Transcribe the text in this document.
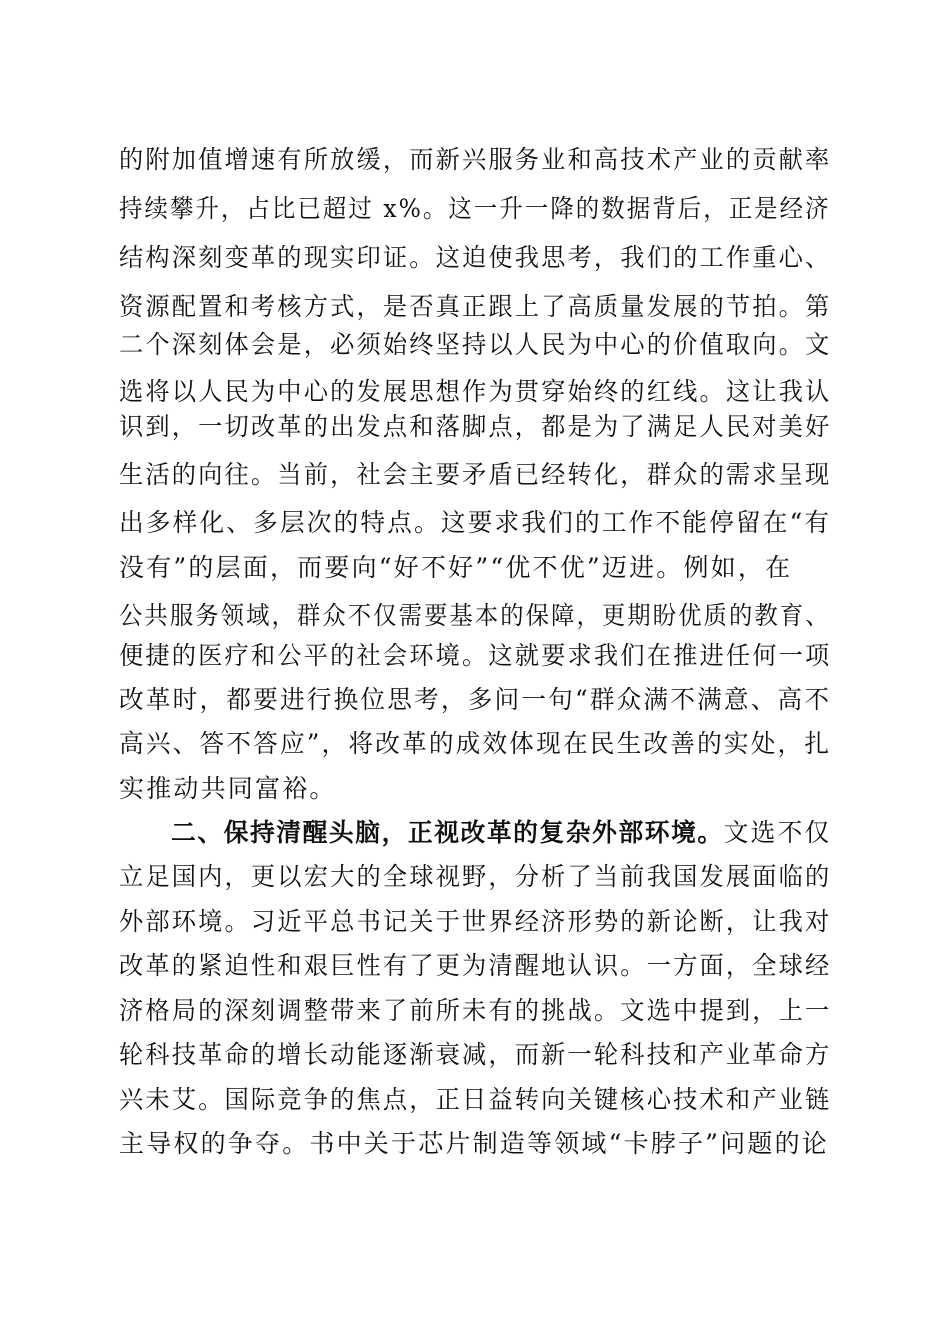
的附加值增速有所放缓，而新兴服务业和高技术产业的贡献率
持续攀升，占比已超过 x%。这一升一降的数据背后，正是经济
结构深刻变革的现实印证。这迫使我思考，我们的工作重心、
资源配置和考核方式，是否真正跟上了高质量发展的节拍。第
二个深刻体会是，必须始终坚持以人民为中心的价值取向。文
选将以人民为中心的发展思想作为贯穿始终的红线。这让我认
识到，一切改革的出发点和落脚点，都是为了满足人民对美好
生活的向往。当前，社会主要矛盾已经转化，群众的需求呈现
出多样化、多层次的特点。这要求我们的工作不能停留在“有
没有”的层面，而要向“好不好”“优不优”迈进。例如，在
公共服务领域，群众不仅需要基本的保障，更期盼优质的教育、
便捷的医疗和公平的社会环境。这就要求我们在推进任何一项
改革时，都要进行换位思考，多问一句“群众满不满意、高不
高兴、答不答应”，将改革的成效体现在民生改善的实处，扎
实推动共同富裕。
二、保持清醒头脑，正视改革的复杂外部环境。文选不仅
立足国内，更以宏大的全球视野，分析了当前我国发展面临的
外部环境。习近平总书记关于世界经济形势的新论断，让我对
改革的紧迫性和艰巨性有了更为清醒地认识。一方面，全球经
济格局的深刻调整带来了前所未有的挑战。文选中提到，上一
轮科技革命的增长动能逐渐衰减，而新一轮科技和产业革命方
兴未艾。国际竞争的焦点，正日益转向关键核心技术和产业链
主导权的争夺。书中关于芯片制造等领域“卡脖子”问题的论
